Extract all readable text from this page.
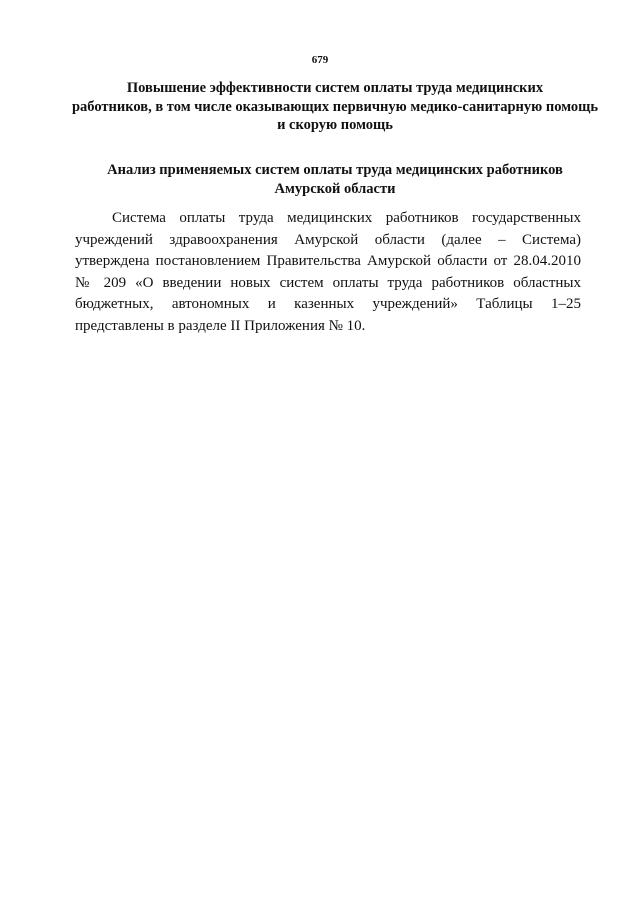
679
Повышение эффективности систем оплаты труда медицинских
работников, в том числе оказывающих первичную медико-санитарную помощь
и скорую помощь
Анализ применяемых систем оплаты труда медицинских работников
Амурской области

Система оплаты труда медицинских работников государственных учреждений здравоохранения Амурской области (далее – Система) утверждена постановлением Правительства Амурской области от 28.04.2010 № 209 «О введении новых систем оплаты труда работников областных бюджетных, автономных и казенных учреждений» Таблицы 1–25 представлены в разделе II Приложения № 10.
